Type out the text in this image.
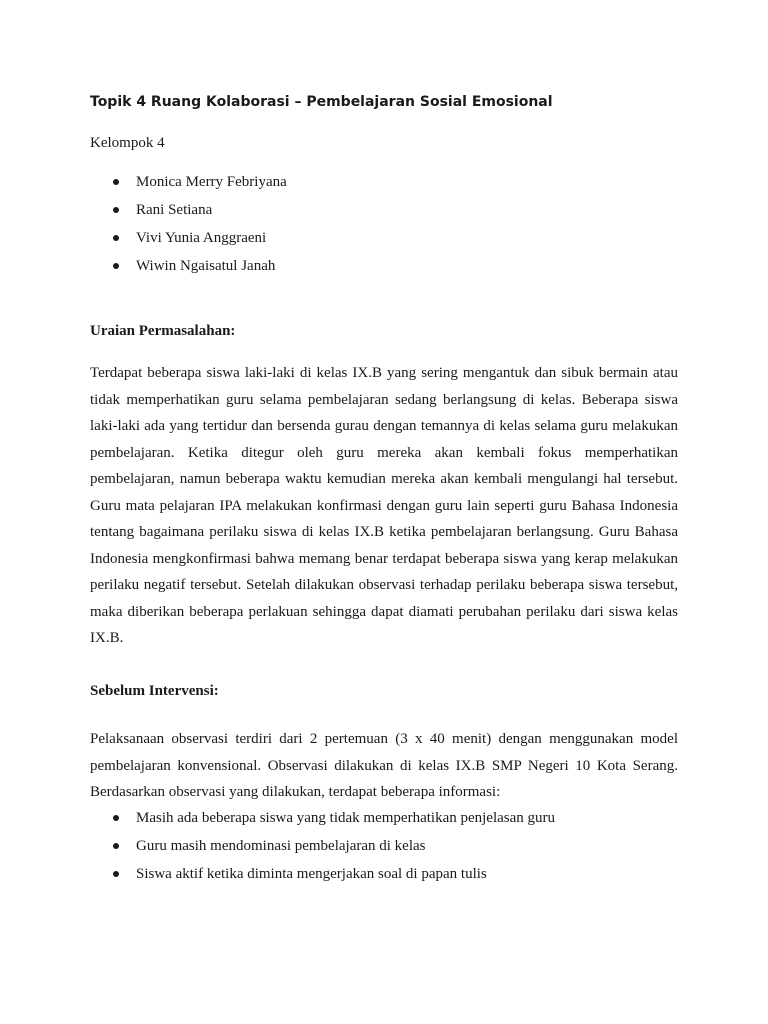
Topik 4 Ruang Kolaborasi – Pembelajaran Sosial Emosional

Kelompok 4

Monica Merry Febriyana
Rani Setiana
Vivi Yunia Anggraeni
Wiwin Ngaisatul Janah
Uraian Permasalahan:

Terdapat beberapa siswa laki-laki di kelas IX.B yang sering mengantuk dan sibuk bermain atau tidak memperhatikan guru selama pembelajaran sedang berlangsung di kelas. Beberapa siswa laki-laki ada yang tertidur dan bersenda gurau dengan temannya di kelas selama guru melakukan pembelajaran. Ketika ditegur oleh guru mereka akan kembali fokus memperhatikan pembelajaran, namun beberapa waktu kemudian mereka akan kembali mengulangi hal tersebut. Guru mata pelajaran IPA melakukan konfirmasi dengan guru lain seperti guru Bahasa Indonesia tentang bagaimana perilaku siswa di kelas IX.B ketika pembelajaran berlangsung. Guru Bahasa Indonesia mengkonfirmasi bahwa memang benar terdapat beberapa siswa yang kerap melakukan perilaku negatif tersebut. Setelah dilakukan observasi terhadap perilaku beberapa siswa tersebut, maka diberikan beberapa perlakuan sehingga dapat diamati perubahan perilaku dari siswa kelas IX.B.

Sebelum Intervensi:

Pelaksanaan observasi terdiri dari 2 pertemuan (3 x 40 menit) dengan menggunakan model pembelajaran konvensional. Observasi dilakukan di kelas IX.B SMP Negeri 10 Kota Serang. Berdasarkan observasi yang dilakukan, terdapat beberapa informasi:

Masih ada beberapa siswa yang tidak memperhatikan penjelasan guru
Guru masih mendominasi pembelajaran di kelas
Siswa aktif ketika diminta mengerjakan soal di papan tulis
